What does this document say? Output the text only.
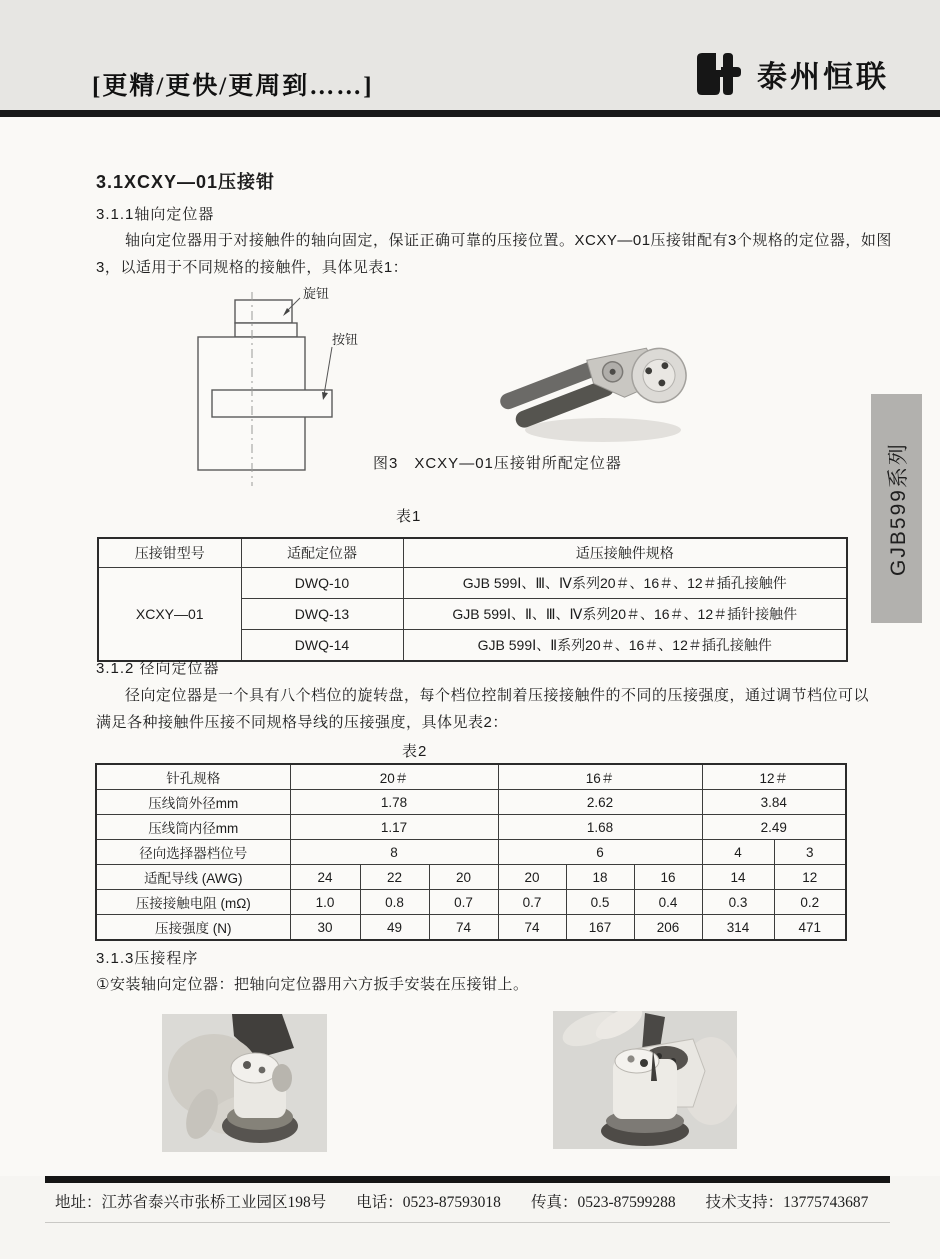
[更精/更快/更周到……]	泰州恒联
3.1XCXY—01压接钳
3.1.1轴向定位器
轴向定位器用于对接触件的轴向固定，保证正确可靠的压接位置。XCXY—01压接钳配有3个规格的定位器，如图
3，以适用于不同规格的接触件，具体见表1：
旋钮
按钮
图3　XCXY—01压接钳所配定位器
表1
压接钳型号	适配定位器	适压接触件规格
XCXY—01	DWQ-10	GJB 599Ⅰ、Ⅲ、Ⅳ系列20＃、16＃、12＃插孔接触件
	DWQ-13	GJB 599Ⅰ、Ⅱ、Ⅲ、Ⅳ系列20＃、16＃、12＃插针接触件
	DWQ-14	GJB 599Ⅰ、Ⅱ系列20＃、16＃、12＃插孔接触件
3.1.2 径向定位器
径向定位器是一个具有八个档位的旋转盘，每个档位控制着压接接触件的不同的压接强度，通过调节档位可以
满足各种接触件压接不同规格导线的压接强度，具体见表2：
表2
针孔规格	20＃			16＃			12＃	
压线筒外径mm	1.78			2.62			3.84	
压线筒内径mm	1.17			1.68			2.49	
径向选择器档位号	8			6			4	3
适配导线 (AWG)	24	22	20	20	18	16	14	12
压接接触电阻 (mΩ)	1.0	0.8	0.7	0.7	0.5	0.4	0.3	0.2
压接强度 (N)	30	49	74	74	167	206	314	471
3.1.3压接程序
①安装轴向定位器：把轴向定位器用六方扳手安装在压接钳上。
GJB599系列
地址：江苏省泰兴市张桥工业园区198号 电话：0523-87593018 传真：0523-87599288 技术支持：13775743687
